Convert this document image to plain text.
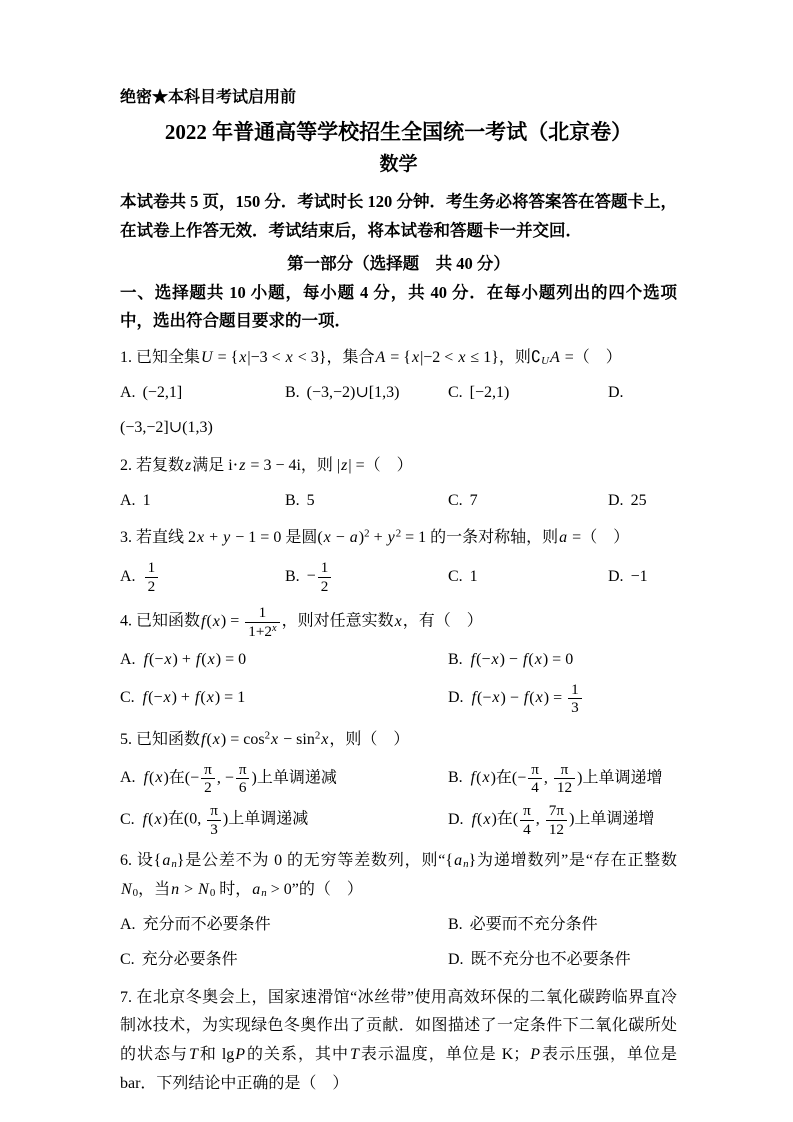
绝密★本科目考试启用前
2022 年普通高等学校招生全国统一考试（北京卷）
数学

本试卷共 5 页，150 分．考试时长 120 分钟．考生务必将答案答在答题卡上，在试卷上作答无效．考试结束后，将本试卷和答题卡一并交回．

第一部分（选择题　共 40 分）

一、选择题共 10 小题，每小题 4 分，共 40 分．在每小题列出的四个选项中，选出符合题目要求的一项．

1. 已知全集U = {x|−3 < x < 3}，集合A = {x|−2 < x ≤ 1}，则∁UA =（　）
A. (−2,1]	B. (−3,−2)∪[1,3)	C. [−2,1)	D.
(−3,−2]∪(1,3)
2. 若复数z满足 i⋅z = 3 − 4i，则 |z| =（　）
A. 1	B. 5	C. 7	D. 25
3. 若直线 2x + y − 1 = 0 是圆$(x - a)^2 + y^2 = 1$ 的一条对称轴，则a =（　）
A. $\frac{1}{2}$	B. − $\frac{1}{2}$	C. 1	D. −1
4. 已知函数$f(x) = \frac{1}{1+2^x}$ ，则对任意实数x，有（　）
A. f(−x) + f(x) = 0	B. f(−x) − f(x) = 0
C. f(−x) + f(x) = 1	D. $f(-x) - f(x) = \frac{1}{3}$
5. 已知函数$f(x) = \cos^2x - \sin^2x$，则（　）
A. f(x)在(− $\frac{\pi}{2}$ , − $\frac{\pi}{6}$ )上单调递减	B. f(x)在(− $\frac{\pi}{4}$ , $\frac{\pi}{12}$ )上单调递增
C. f(x)在(0, $\frac{\pi}{3}$ )上单调递减	D. f(x)在( $\frac{\pi}{4}$ , $\frac{7\pi}{12}$ )上单调递增
6. 设{an}是公差不为 0 的无穷等差数列，则“{an}为递增数列”是“存在正整数N0，当n > N0 时，an > 0”的（　）
A. 充分而不必要条件	B. 必要而不充分条件
C. 充分必要条件	D. 既不充分也不必要条件
7. 在北京冬奥会上，国家速滑馆“冰丝带”使用高效环保的二氧化碳跨临界直冷制冰技术，为实现绿色冬奥作出了贡献．如图描述了一定条件下二氧化碳所处的状态与T和 lgP的关系，其中T表示温度，单位是 K；P表示压强，单位是 bar．下列结论中正确的是（　）
